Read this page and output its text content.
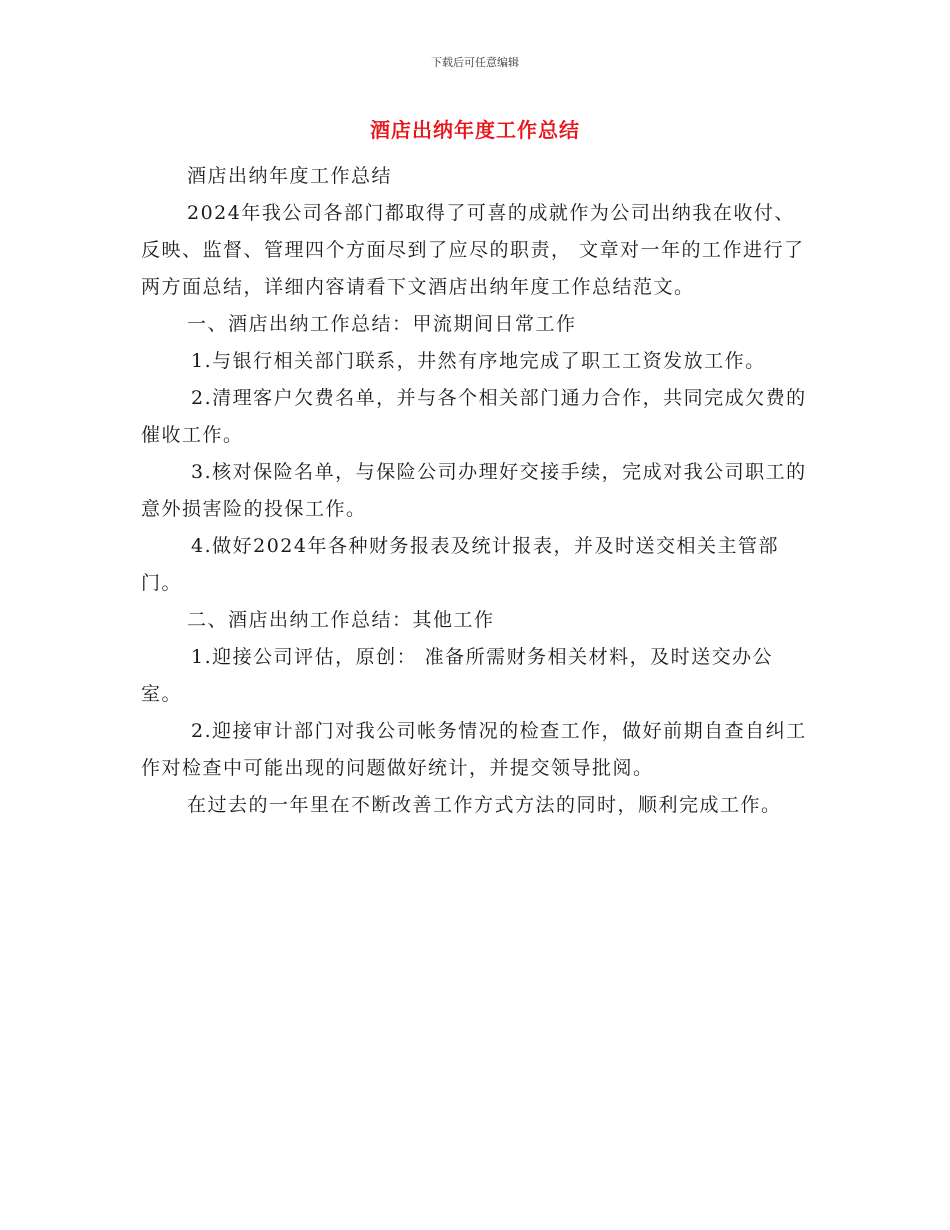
下载后可任意编辑
酒店出纳年度工作总结

酒店出纳年度工作总结

2024年我公司各部门都取得了可喜的成就作为公司出纳我在收付、反映、监督、管理四个方面尽到了应尽的职责， 文章对一年的工作进行了两方面总结，详细内容请看下文酒店出纳年度工作总结范文。

一、酒店出纳工作总结：甲流期间日常工作

1.与银行相关部门联系，井然有序地完成了职工工资发放工作。

2.清理客户欠费名单，并与各个相关部门通力合作，共同完成欠费的催收工作。

3.核对保险名单，与保险公司办理好交接手续，完成对我公司职工的意外损害险的投保工作。

4.做好2024年各种财务报表及统计报表，并及时送交相关主管部门。

二、酒店出纳工作总结：其他工作

1.迎接公司评估，原创： 准备所需财务相关材料，及时送交办公室。

2.迎接审计部门对我公司帐务情况的检查工作，做好前期自查自纠工作对检查中可能出现的问题做好统计，并提交领导批阅。

在过去的一年里在不断改善工作方式方法的同时，顺利完成工作。
